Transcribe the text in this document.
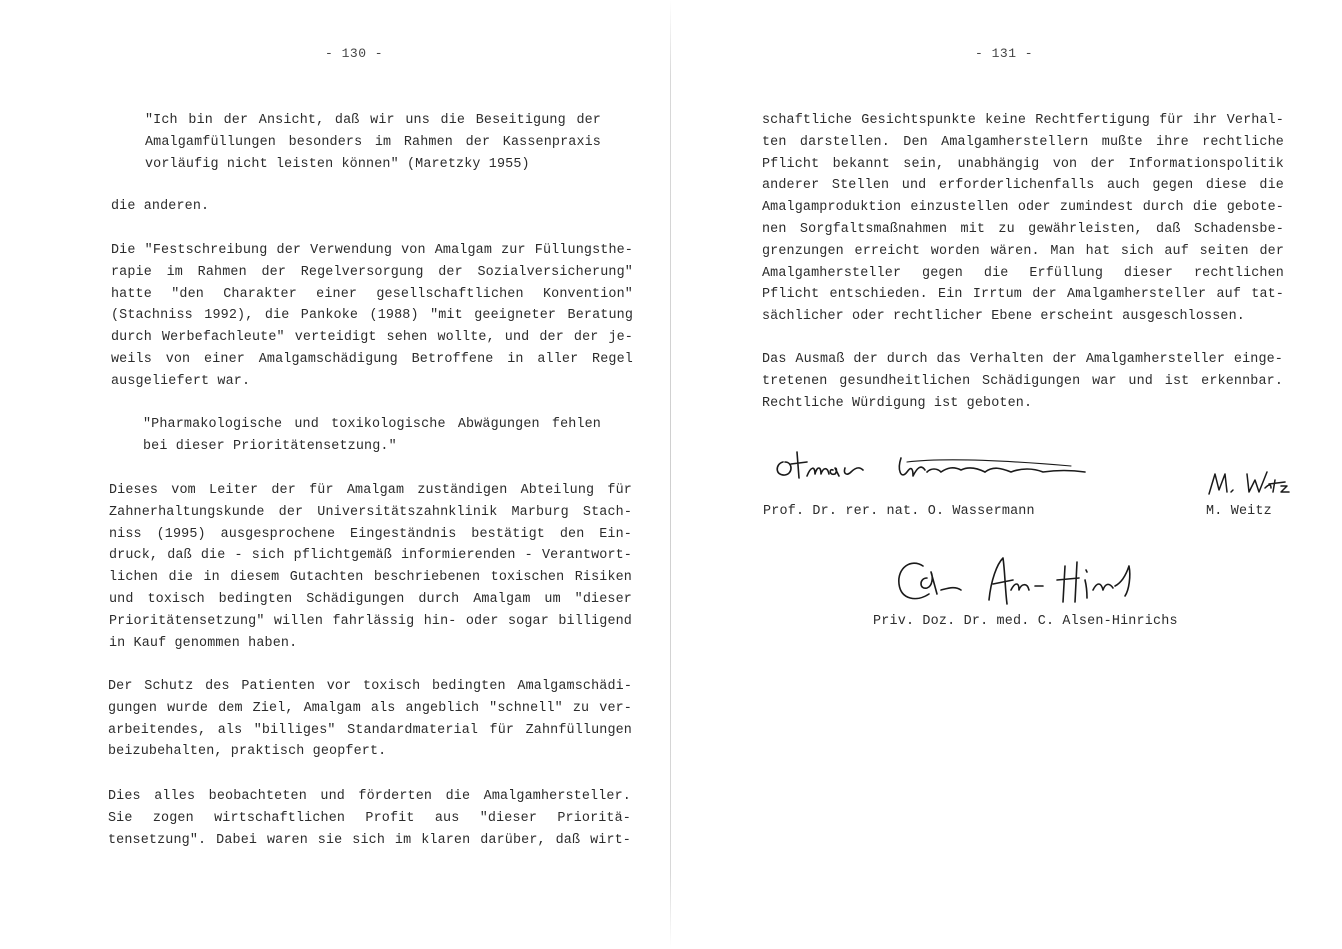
- 130 -
"Ich bin der Ansicht, daß wir uns die Beseitigung der
Amalgamfüllungen besonders im Rahmen der Kassenpraxis
vorläufig nicht leisten können" (Maretzky 1955)
die anderen.
Die "Festschreibung der Verwendung von Amalgam zur Füllungsthe-
rapie im Rahmen der Regelversorgung der Sozialversicherung"
hatte "den Charakter einer gesellschaftlichen Konvention"
(Stachniss 1992), die Pankoke (1988) "mit geeigneter Beratung
durch Werbefachleute" verteidigt sehen wollte, und der der je-
weils von einer Amalgamschädigung Betroffene in aller Regel
ausgeliefert war.
"Pharmakologische und toxikologische Abwägungen fehlen
bei dieser Prioritätensetzung."
Dieses vom Leiter der für Amalgam zuständigen Abteilung für
Zahnerhaltungskunde der Universitätszahnklinik Marburg Stach-
niss (1995) ausgesprochene Eingeständnis bestätigt den Ein-
druck, daß die - sich pflichtgemäß informierenden - Verantwort-
lichen die in diesem Gutachten beschriebenen toxischen Risiken
und toxisch bedingten Schädigungen durch Amalgam um "dieser
Prioritätensetzung" willen fahrlässig hin- oder sogar billigend
in Kauf genommen haben.
Der Schutz des Patienten vor toxisch bedingten Amalgamschädi-
gungen wurde dem Ziel, Amalgam als angeblich "schnell" zu ver-
arbeitendes, als "billiges" Standardmaterial für Zahnfüllungen
beizubehalten, praktisch geopfert.
Dies alles beobachteten und förderten die Amalgamhersteller.
Sie zogen wirtschaftlichen Profit aus "dieser Prioritä-
tensetzung". Dabei waren sie sich im klaren darüber, daß wirt-
- 131 -
schaftliche Gesichtspunkte keine Rechtfertigung für ihr Verhal-
ten darstellen. Den Amalgamherstellern mußte ihre rechtliche
Pflicht bekannt sein, unabhängig von der Informationspolitik
anderer Stellen und erforderlichenfalls auch gegen diese die
Amalgamproduktion einzustellen oder zumindest durch die gebote-
nen Sorgfaltsmaßnahmen mit zu gewährleisten, daß Schadensbe-
grenzungen erreicht worden wären. Man hat sich auf seiten der
Amalgamhersteller gegen die Erfüllung dieser rechtlichen
Pflicht entschieden. Ein Irrtum der Amalgamhersteller auf tat-
sächlicher oder rechtlicher Ebene erscheint ausgeschlossen.
Das Ausmaß der durch das Verhalten der Amalgamhersteller einge-
tretenen gesundheitlichen Schädigungen war und ist erkennbar.
Rechtliche Würdigung ist geboten.
Prof. Dr. rer. nat. O. Wassermann	M. Weitz
Priv. Doz. Dr. med. C. Alsen-Hinrichs
